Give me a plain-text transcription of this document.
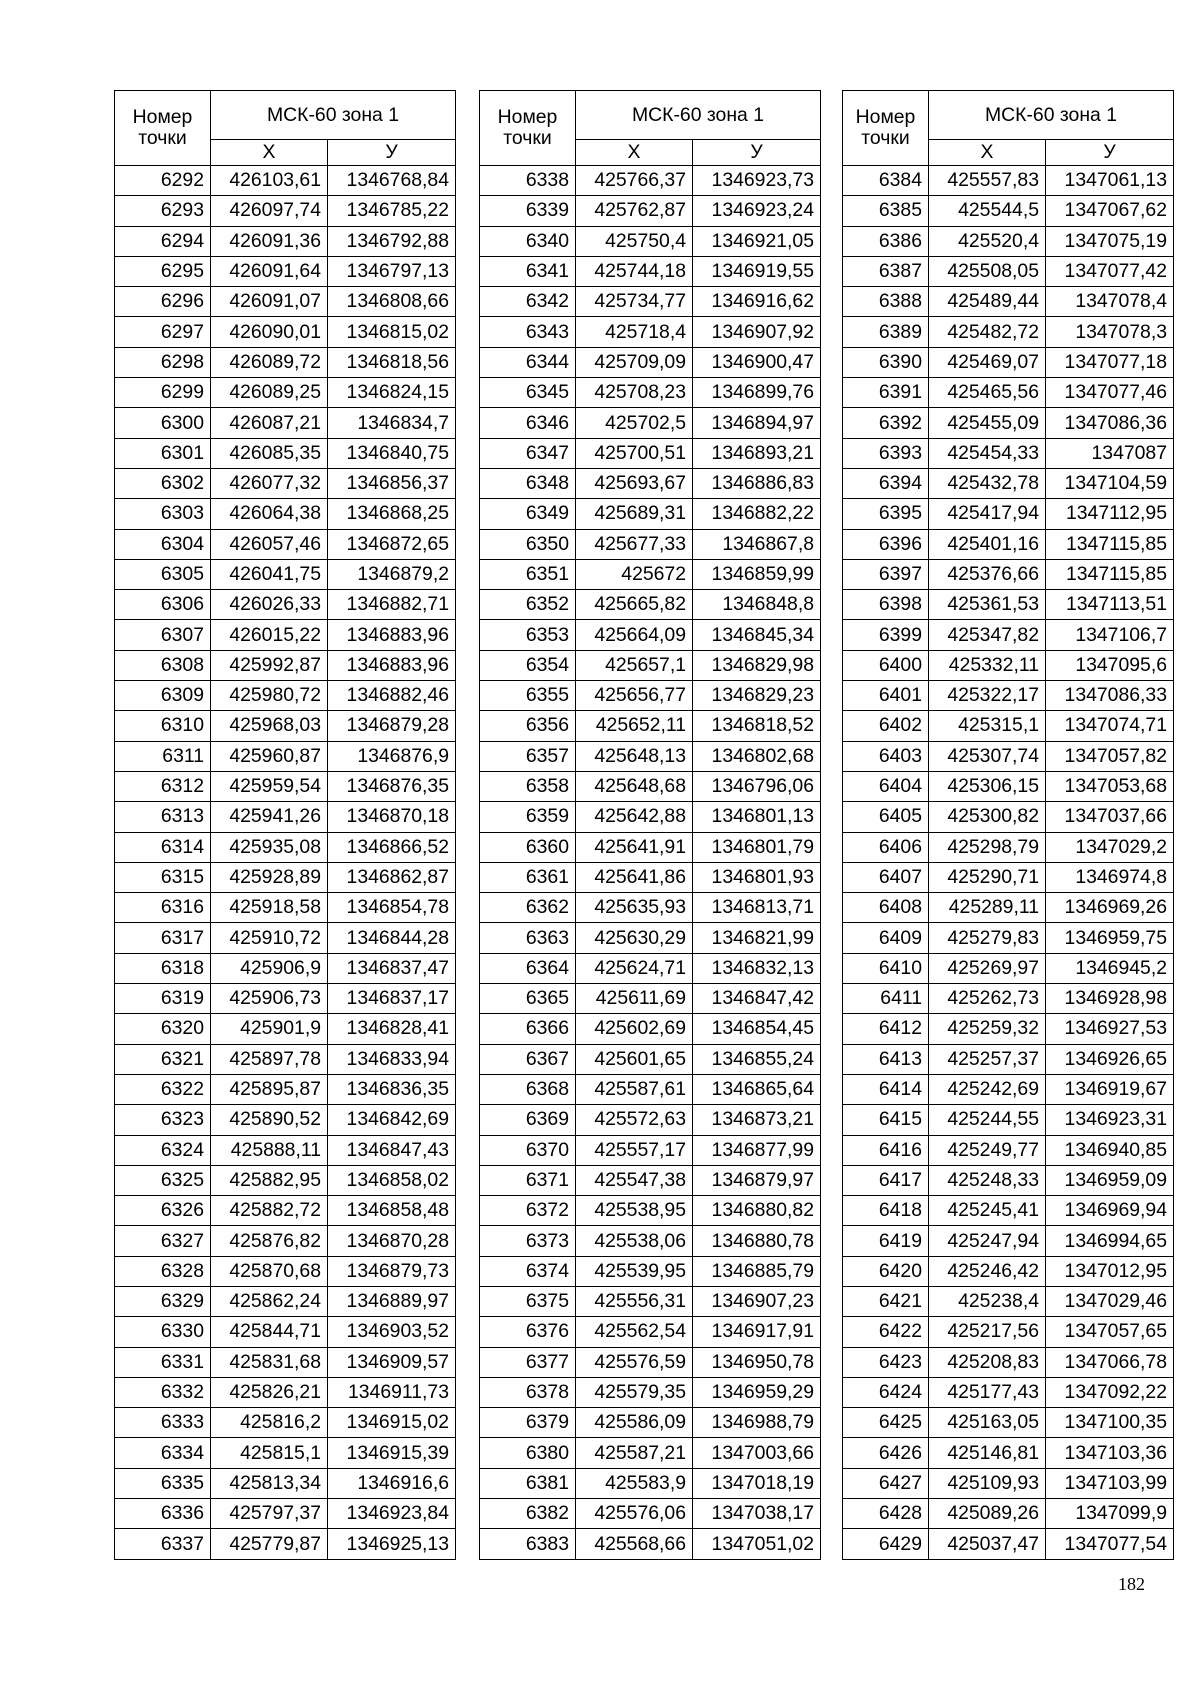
Номер точки	МСК-60 зона 1	
	Х	У
6292	426103,61	1346768,84
6293	426097,74	1346785,22
6294	426091,36	1346792,88
6295	426091,64	1346797,13
6296	426091,07	1346808,66
6297	426090,01	1346815,02
6298	426089,72	1346818,56
6299	426089,25	1346824,15
6300	426087,21	1346834,7
6301	426085,35	1346840,75
6302	426077,32	1346856,37
6303	426064,38	1346868,25
6304	426057,46	1346872,65
6305	426041,75	1346879,2
6306	426026,33	1346882,71
6307	426015,22	1346883,96
6308	425992,87	1346883,96
6309	425980,72	1346882,46
6310	425968,03	1346879,28
6311	425960,87	1346876,9
6312	425959,54	1346876,35
6313	425941,26	1346870,18
6314	425935,08	1346866,52
6315	425928,89	1346862,87
6316	425918,58	1346854,78
6317	425910,72	1346844,28
6318	425906,9	1346837,47
6319	425906,73	1346837,17
6320	425901,9	1346828,41
6321	425897,78	1346833,94
6322	425895,87	1346836,35
6323	425890,52	1346842,69
6324	425888,11	1346847,43
6325	425882,95	1346858,02
6326	425882,72	1346858,48
6327	425876,82	1346870,28
6328	425870,68	1346879,73
6329	425862,24	1346889,97
6330	425844,71	1346903,52
6331	425831,68	1346909,57
6332	425826,21	1346911,73
6333	425816,2	1346915,02
6334	425815,1	1346915,39
6335	425813,34	1346916,6
6336	425797,37	1346923,84
6337	425779,87	1346925,13
Номер точки	МСК-60 зона 1	
	Х	У
6338	425766,37	1346923,73
6339	425762,87	1346923,24
6340	425750,4	1346921,05
6341	425744,18	1346919,55
6342	425734,77	1346916,62
6343	425718,4	1346907,92
6344	425709,09	1346900,47
6345	425708,23	1346899,76
6346	425702,5	1346894,97
6347	425700,51	1346893,21
6348	425693,67	1346886,83
6349	425689,31	1346882,22
6350	425677,33	1346867,8
6351	425672	1346859,99
6352	425665,82	1346848,8
6353	425664,09	1346845,34
6354	425657,1	1346829,98
6355	425656,77	1346829,23
6356	425652,11	1346818,52
6357	425648,13	1346802,68
6358	425648,68	1346796,06
6359	425642,88	1346801,13
6360	425641,91	1346801,79
6361	425641,86	1346801,93
6362	425635,93	1346813,71
6363	425630,29	1346821,99
6364	425624,71	1346832,13
6365	425611,69	1346847,42
6366	425602,69	1346854,45
6367	425601,65	1346855,24
6368	425587,61	1346865,64
6369	425572,63	1346873,21
6370	425557,17	1346877,99
6371	425547,38	1346879,97
6372	425538,95	1346880,82
6373	425538,06	1346880,78
6374	425539,95	1346885,79
6375	425556,31	1346907,23
6376	425562,54	1346917,91
6377	425576,59	1346950,78
6378	425579,35	1346959,29
6379	425586,09	1346988,79
6380	425587,21	1347003,66
6381	425583,9	1347018,19
6382	425576,06	1347038,17
6383	425568,66	1347051,02
Номер точки	МСК-60 зона 1	
	Х	У
6384	425557,83	1347061,13
6385	425544,5	1347067,62
6386	425520,4	1347075,19
6387	425508,05	1347077,42
6388	425489,44	1347078,4
6389	425482,72	1347078,3
6390	425469,07	1347077,18
6391	425465,56	1347077,46
6392	425455,09	1347086,36
6393	425454,33	1347087
6394	425432,78	1347104,59
6395	425417,94	1347112,95
6396	425401,16	1347115,85
6397	425376,66	1347115,85
6398	425361,53	1347113,51
6399	425347,82	1347106,7
6400	425332,11	1347095,6
6401	425322,17	1347086,33
6402	425315,1	1347074,71
6403	425307,74	1347057,82
6404	425306,15	1347053,68
6405	425300,82	1347037,66
6406	425298,79	1347029,2
6407	425290,71	1346974,8
6408	425289,11	1346969,26
6409	425279,83	1346959,75
6410	425269,97	1346945,2
6411	425262,73	1346928,98
6412	425259,32	1346927,53
6413	425257,37	1346926,65
6414	425242,69	1346919,67
6415	425244,55	1346923,31
6416	425249,77	1346940,85
6417	425248,33	1346959,09
6418	425245,41	1346969,94
6419	425247,94	1346994,65
6420	425246,42	1347012,95
6421	425238,4	1347029,46
6422	425217,56	1347057,65
6423	425208,83	1347066,78
6424	425177,43	1347092,22
6425	425163,05	1347100,35
6426	425146,81	1347103,36
6427	425109,93	1347103,99
6428	425089,26	1347099,9
6429	425037,47	1347077,54
182
